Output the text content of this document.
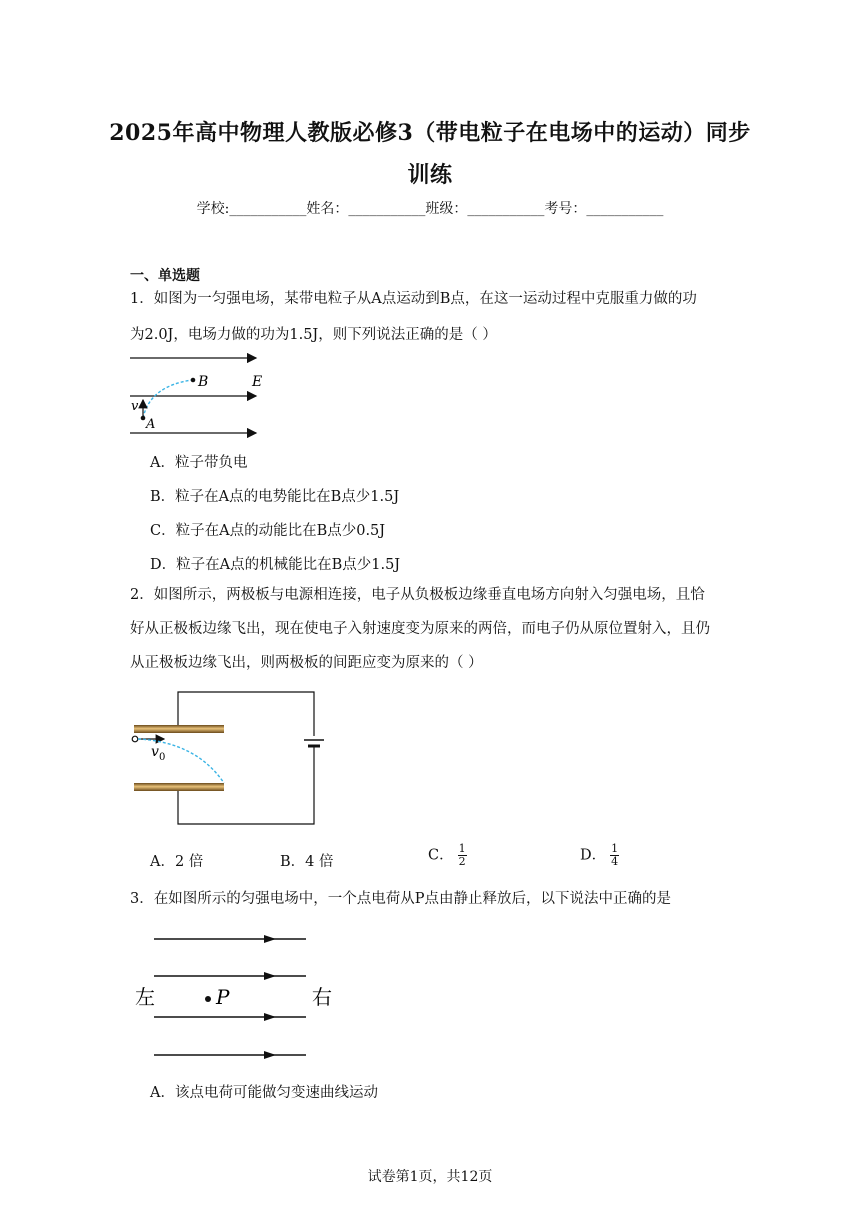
2025年高中物理人教版必修3（带电粒子在电场中的运动）同步
训练
学校:___________姓名：___________班级：___________考号：___________
一、单选题
1．如图为一匀强电场，某带电粒子从A点运动到B点，在这一运动过程中克服重力做的功
为2.0J，电场力做的功为1.5J，则下列说法正确的是（ ）
B	E
v
A
A．粒子带负电
B．粒子在A点的电势能比在B点少1.5J
C．粒子在A点的动能比在B点少0.5J
D．粒子在A点的机械能比在B点少1.5J
2．如图所示，两极板与电源相连接，电子从负极板边缘垂直电场方向射入匀强电场，且恰
好从正极板边缘飞出，现在使电子入射速度变为原来的两倍，而电子仍从原位置射入，且仍
从正极板边缘飞出，则两极板的间距应变为原来的（ ）
v 0
A．2 倍	B．4 倍	C． $\frac{1}{2}$	D． $\frac{1}{4}$
3．在如图所示的匀强电场中，一个点电荷从P点由静止释放后，以下说法中正确的是
左	P	右
A．该点电荷可能做匀变速曲线运动
试卷第1页，共12页
